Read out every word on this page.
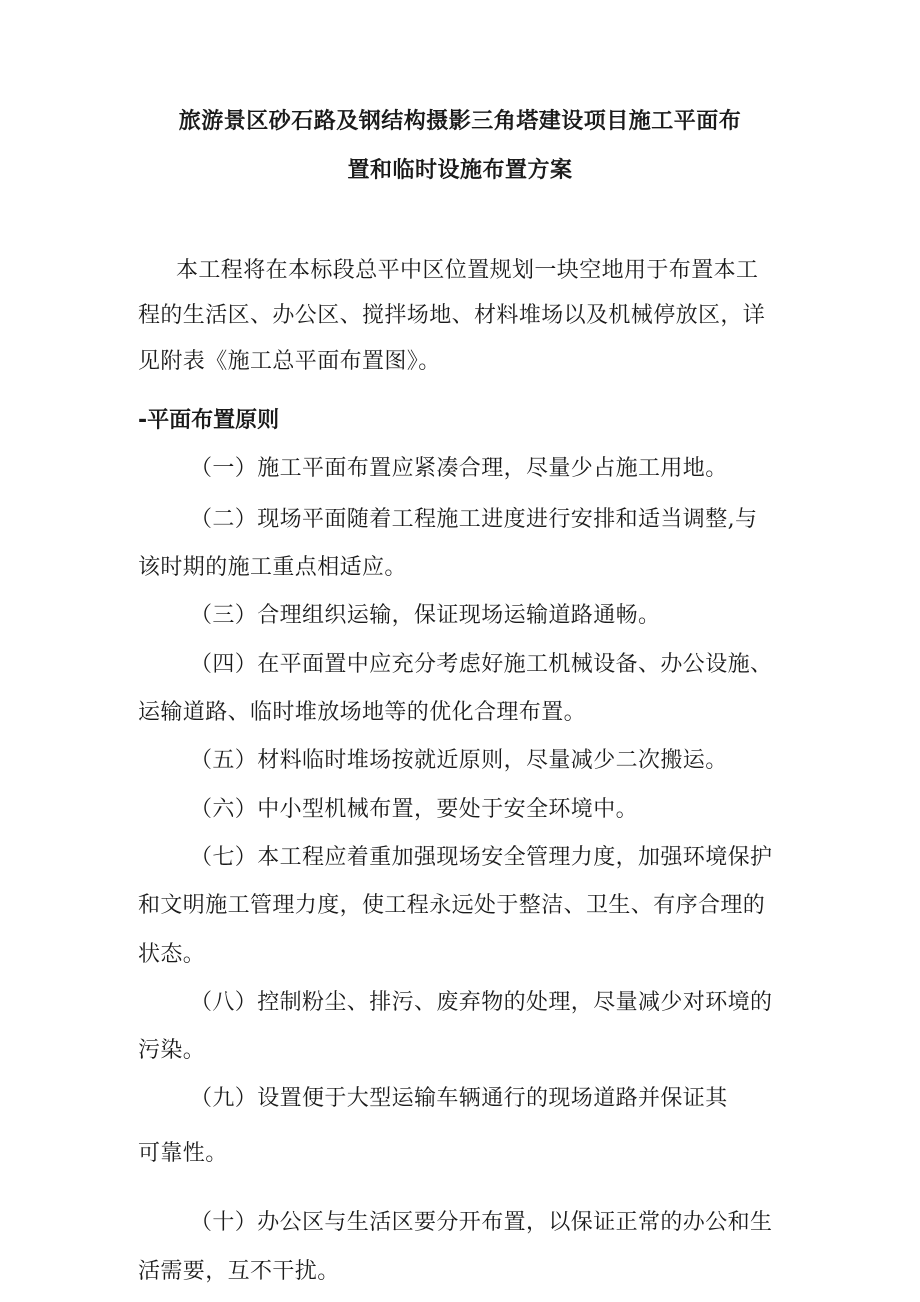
旅游景区砂石路及钢结构摄影三角塔建设项目施工平面布
置和临时设施布置方案

本工程将在本标段总平中区位置规划一块空地用于布置本工

程的生活区、办公区、搅拌场地、材料堆场以及机械停放区，详

见附表《施工总平面布置图》。

-平面布置原则

（一）施工平面布置应紧凑合理，尽量少占施工用地。

（二）现场平面随着工程施工进度进行安排和适当调整,与

该时期的施工重点相适应。

（三）合理组织运输，保证现场运输道路通畅。

（四）在平面置中应充分考虑好施工机械设备、办公设施、

运输道路、临时堆放场地等的优化合理布置。

（五）材料临时堆场按就近原则，尽量减少二次搬运。

（六）中小型机械布置，要处于安全环境中。

（七）本工程应着重加强现场安全管理力度，加强环境保护

和文明施工管理力度，使工程永远处于整洁、卫生、有序合理的

状态。

（八）控制粉尘、排污、废弃物的处理，尽量减少对环境的

污染。

（九）设置便于大型运输车辆通行的现场道路并保证其

可靠性。

（十）办公区与生活区要分开布置，以保证正常的办公和生

活需要，互不干扰。
